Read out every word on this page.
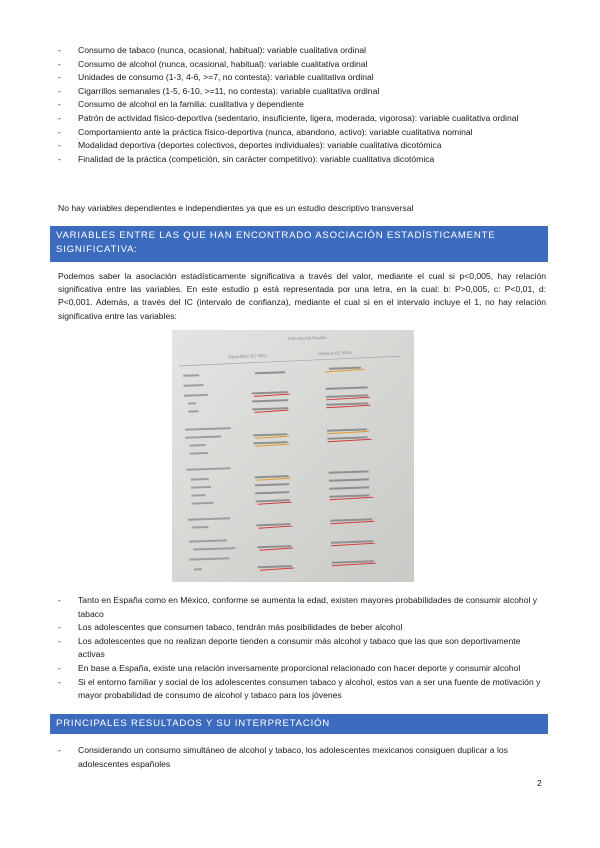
- Consumo de tabaco (nunca, ocasional, habitual): variable cualitativa ordinal
- Consumo de alcohol (nunca, ocasional, habitual): variable cualitativa ordinal
- Unidades de consumo (1-3, 4-6, >=7, no contesta): variable cualitativa ordinal
- Cigarrillos semanales (1-5, 6-10, >=11, no contesta): variable cualitativa ordinal
- Consumo de alcohol en la familia: cualitativa y dependiente
- Patrón de actividad físico-deportiva (sedentario, insuficiente, ligera, moderada, vigorosa): variable cualitativa ordinal
- Comportamiento ante la práctica físico-deportiva (nunca, abandono, activo): variable cualitativa nominal
- Modalidad deportiva (deportes colectivos, deportes individuales): variable cualitativa dicotómica
- Finalidad de la práctica (competición, sin carácter competitivo): variable cualitativa dicotómica
No hay variables dependientes e independientes ya que es un estudio descriptivo transversal
VARIABLES ENTRE LAS QUE HAN ENCONTRADO ASOCIACIÓN ESTADÍSTICAMENTE SIGNIFICATIVA:
Podemos saber la asociación estadísticamente significativa a través del valor, mediante el cual si p<0,005, hay relación significativa entre las variables. En este estudio p está representada por una letra, en la cual: b: P>0,005, c: P<0,01, d: P<0,001. Además, a través del IC (intervalo de confianza), mediante el cual si en el intervalo incluye el 1, no hay relación significativa entre las variables:
ESO alcohol España
Esporádico (IC 95%)	Habitual (IC 95%)
- Tanto en España como en México, conforme se aumenta la edad, existen mayores probabilidades de consumir alcohol y tabaco
- Los adolescentes que consumen tabaco, tendrán más posibilidades de beber alcohol
- Los adolescentes que no realizan deporte tienden a consumir más alcohol y tabaco que las que son deportivamente activas
- En base a España, existe una relación inversamente proporcional relacionado con hacer deporte y consumir alcohol
- Si el entorno familiar y social de los adolescentes consumen tabaco y alcohol, estos van a ser una fuente de motivación y mayor probabilidad de consumo de alcohol y tabaco para los jóvenes
PRINCIPALES RESULTADOS Y SU INTERPRETACIÓN
- Considerando un consumo simultáneo de alcohol y tabaco, los adolescentes mexicanos consiguen duplicar a los adolescentes españoles
2
